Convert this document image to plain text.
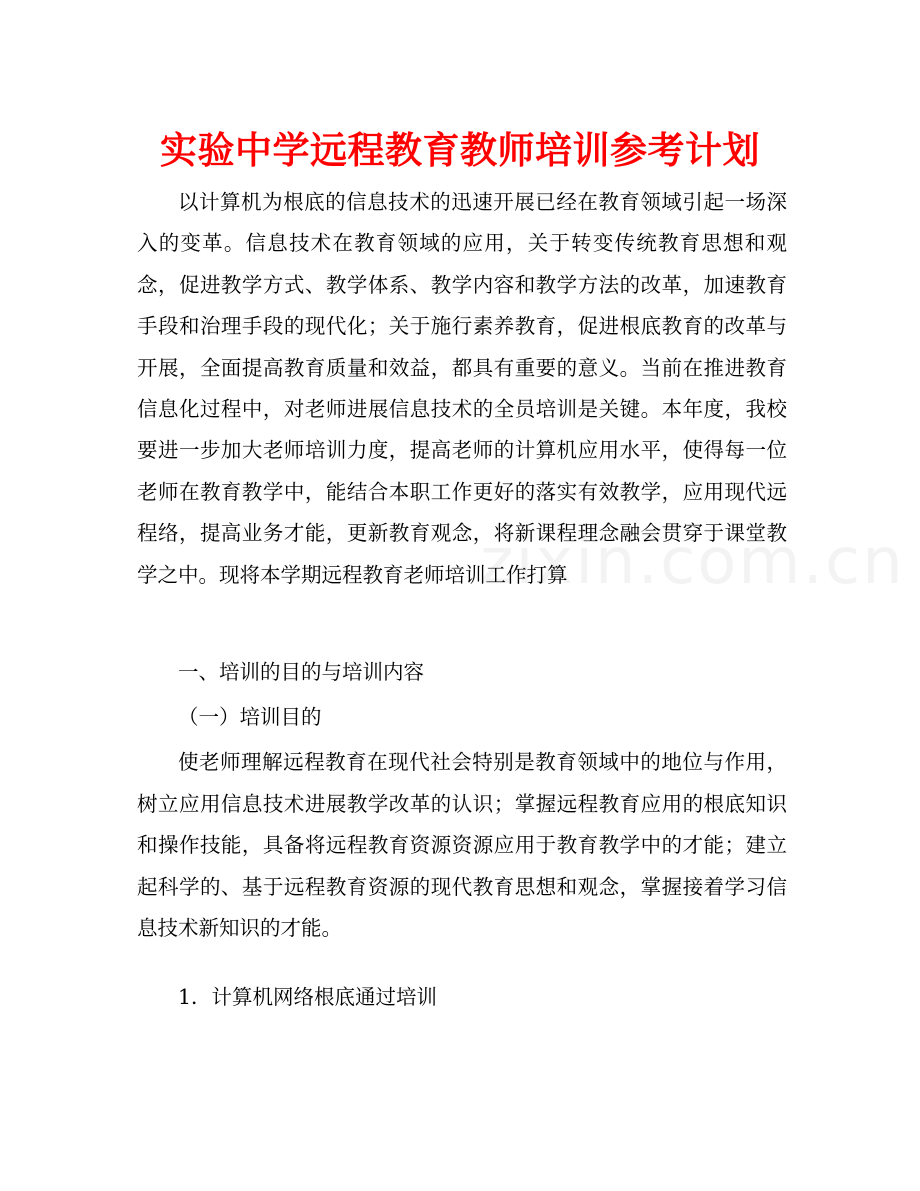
实验中学远程教育教师培训参考计划

以计算机为根底的信息技术的迅速开展已经在教育领域引起一场深入的变革。信息技术在教育领域的应用，关于转变传统教育思想和观念，促进教学方式、教学体系、教学内容和教学方法的改革，加速教育手段和治理手段的现代化；关于施行素养教育，促进根底教育的改革与开展，全面提高教育质量和效益，都具有重要的意义。当前在推进教育信息化过程中，对老师进展信息技术的全员培训是关键。本年度，我校要进一步加大老师培训力度，提高老师的计算机应用水平，使得每一位老师在教育教学中，能结合本职工作更好的落实有效教学，应用现代远程络，提高业务才能，更新教育观念，将新课程理念融会贯穿于课堂教学之中。现将本学期远程教育老师培训工作打算

一、培训的目的与培训内容
（一）培训目的

使老师理解远程教育在现代社会特别是教育领域中的地位与作用，树立应用信息技术进展教学改革的认识；掌握远程教育应用的根底知识和操作技能，具备将远程教育资源资源应用于教育教学中的才能；建立起科学的、基于远程教育资源的现代教育思想和观念，掌握接着学习信息技术新知识的才能。

1．计算机网络根底通过培训
